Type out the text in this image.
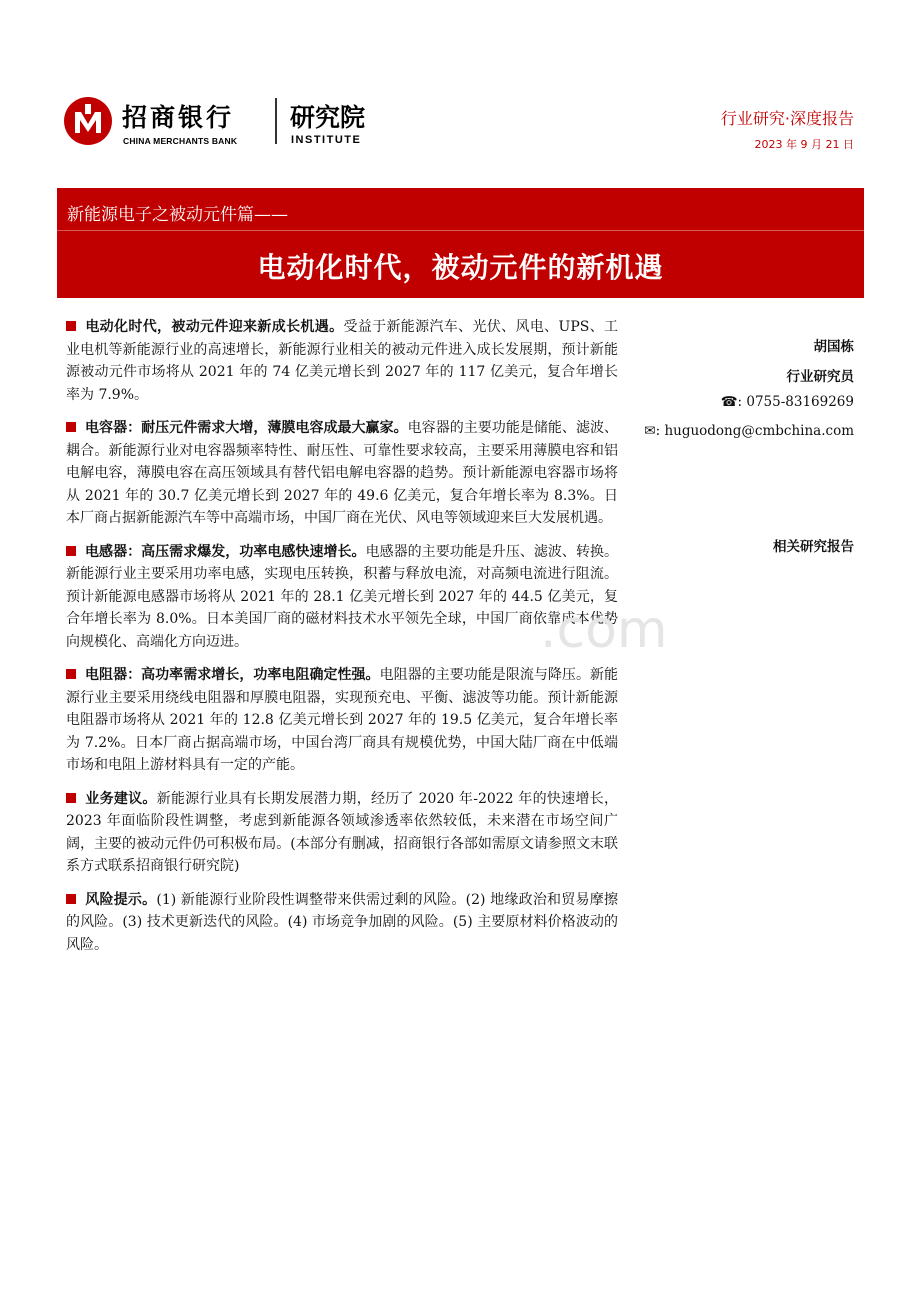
招商银行
CHINA MERCHANTS BANK
研究院
INSTITUTE
行业研究·深度报告
2023 年 9 月 21 日
新能源电子之被动元件篇——
电动化时代，被动元件的新机遇

电动化时代，被动元件迎来新成长机遇。受益于新能源汽车、光伏、风电、UPS、工业电机等新能源行业的高速增长，新能源行业相关的被动元件进入成长发展期，预计新能源被动元件市场将从 2021 年的 74 亿美元增长到 2027 年的 117 亿美元，复合年增长率为 7.9%。

电容器：耐压元件需求大增，薄膜电容成最大赢家。电容器的主要功能是储能、滤波、耦合。新能源行业对电容器频率特性、耐压性、可靠性要求较高，主要采用薄膜电容和铝电解电容，薄膜电容在高压领域具有替代铝电解电容器的趋势。预计新能源电容器市场将从 2021 年的 30.7 亿美元增长到 2027 年的 49.6 亿美元，复合年增长率为 8.3%。日本厂商占据新能源汽车等中高端市场，中国厂商在光伏、风电等领域迎来巨大发展机遇。

电感器：高压需求爆发，功率电感快速增长。电感器的主要功能是升压、滤波、转换。新能源行业主要采用功率电感，实现电压转换，积蓄与释放电流，对高频电流进行阻流。预计新能源电感器市场将从 2021 年的 28.1 亿美元增长到 2027 年的 44.5 亿美元，复合年增长率为 8.0%。日本美国厂商的磁材料技术水平领先全球，中国厂商依靠成本优势向规模化、高端化方向迈进。

电阻器：高功率需求增长，功率电阻确定性强。电阻器的主要功能是限流与降压。新能源行业主要采用绕线电阻器和厚膜电阻器，实现预充电、平衡、滤波等功能。预计新能源电阻器市场将从 2021 年的 12.8 亿美元增长到 2027 年的 19.5 亿美元，复合年增长率为 7.2%。日本厂商占据高端市场，中国台湾厂商具有规模优势，中国大陆厂商在中低端市场和电阻上游材料具有一定的产能。

业务建议。新能源行业具有长期发展潜力期，经历了 2020 年-2022 年的快速增长，2023 年面临阶段性调整，考虑到新能源各领域渗透率依然较低，未来潜在市场空间广阔，主要的被动元件仍可积极布局。(本部分有删减，招商银行各部如需原文请参照文末联系方式联系招商银行研究院)

风险提示。(1) 新能源行业阶段性调整带来供需过剩的风险。(2) 地缘政治和贸易摩擦的风险。(3) 技术更新迭代的风险。(4) 市场竞争加剧的风险。(5) 主要原材料价格波动的风险。

胡国栋
行业研究员
☎: 0755-83169269
✉: huguodong@cmbchina.com
相关研究报告
.com
